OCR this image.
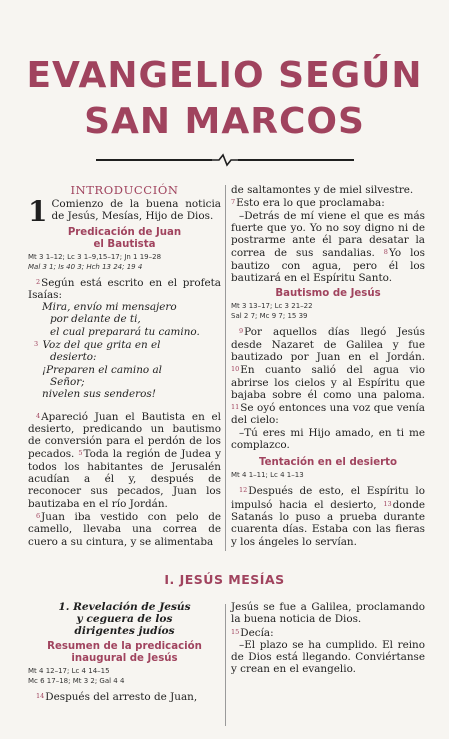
EVANGELIO SEGÚN
SAN MARCOS
INTRODUCCIÓN

1 Comienzo de la buena noticia de Jesús, Mesías, Hijo de Dios.

Predicación de Juan
el Bautista

Mt 3 1–12; Lc 3 1–9,15–17; Jn 1 19–28

Mal 3 1; Is 40 3; Hch 13 24; 19 4

2Según está escrito en el profeta Isaías:

Mira, envío mi mensajero

por delante de ti,

el cual preparará tu camino.

3 Voz del que grita en el

desierto:

¡Preparen el camino al

Señor;

nivelen sus senderos!

4Apareció Juan el Bautista en el desierto, predicando un bautismo de conversión para el perdón de los pecados. 5Toda la región de Judea y todos los habitantes de Jerusalén acudían a él y, después de reconocer sus pecados, Juan los bautizaba en el río Jordán.

6Juan iba vestido con pelo de camello, llevaba una correa de cuero a su cintura, y se alimentaba

de saltamontes y de miel silvestre.

7Esto era lo que proclamaba:

–Detrás de mí viene el que es más fuerte que yo. Yo no soy digno ni de postrarme ante él para desatar la correa de sus sandalias. 8Yo los bautizo con agua, pero él los bautizará en el Espíritu Santo.

Bautismo de Jesús

Mt 3 13–17; Lc 3 21–22

Sal 2 7; Mc 9 7; 15 39

9Por aquellos días llegó Jesús desde Nazaret de Galilea y fue bautizado por Juan en el Jordán. 10En cuanto salió del agua vio abrirse los cielos y al Espíritu que bajaba sobre él como una paloma. 11Se oyó entonces una voz que venía del cielo:

–Tú eres mi Hijo amado, en ti me complazco.

Tentación en el desierto

Mt 4 1–11; Lc 4 1–13

12Después de esto, el Espíritu lo impulsó hacia el desierto, 13donde Satanás lo puso a prueba durante cuarenta días. Estaba con las fieras y los ángeles lo servían.

I. JESÚS MESÍAS
1. Revelación de Jesús
y ceguera de los
dirigentes judíos
Resumen de la predicación
inaugural de Jesús

Mt 4 12–17; Lc 4 14–15

Mc 6 17–18; Mt 3 2; Gal 4 4

14Después del arresto de Juan,

Jesús se fue a Galilea, proclamando la buena noticia de Dios.

15Decía:

–El plazo se ha cumplido. El reino de Dios está llegando. Conviértanse y crean en el evangelio.
